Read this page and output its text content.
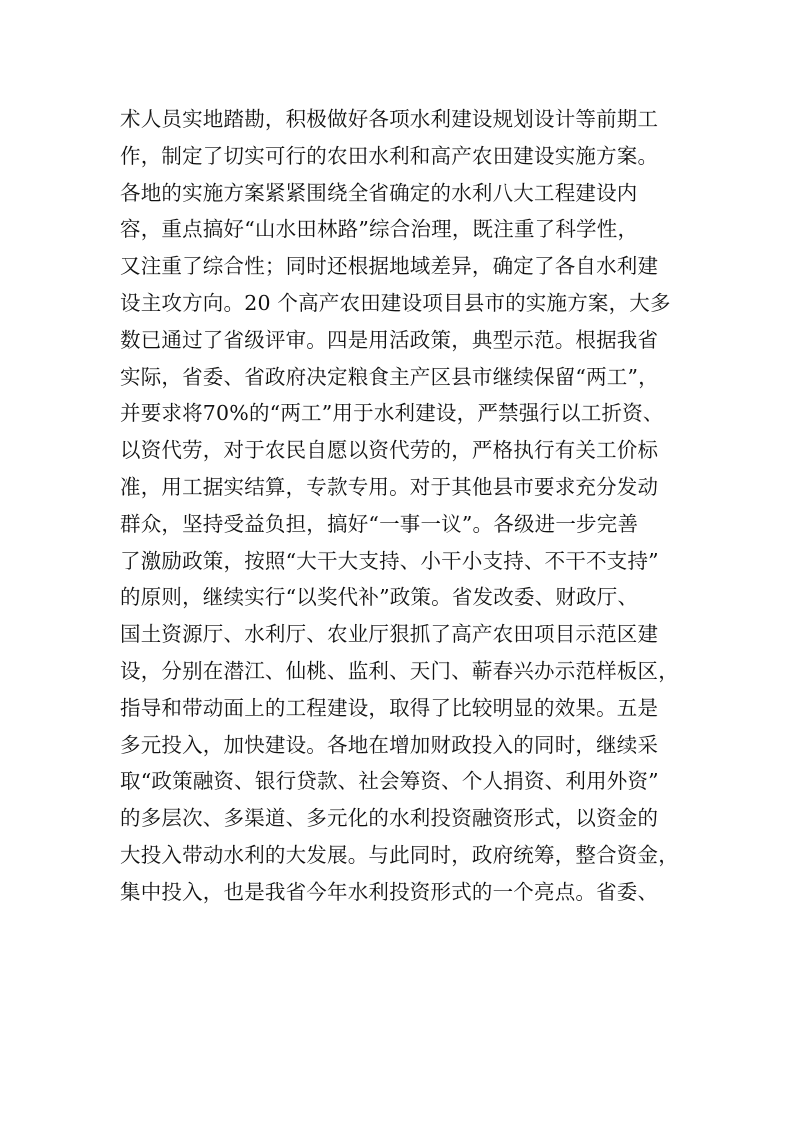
术人员实地踏勘，积极做好各项水利建设规划设计等前期工
作，制定了切实可行的农田水利和高产农田建设实施方案。
各地的实施方案紧紧围绕全省确定的水利八大工程建设内
容，重点搞好“山水田林路”综合治理，既注重了科学性，
又注重了综合性；同时还根据地域差异，确定了各自水利建
设主攻方向。20 个高产农田建设项目县市的实施方案，大多
数已通过了省级评审。四是用活政策，典型示范。根据我省
实际，省委、省政府决定粮食主产区县市继续保留“两工”，
并要求将70%的“两工”用于水利建设，严禁强行以工折资、
以资代劳，对于农民自愿以资代劳的，严格执行有关工价标
准，用工据实结算，专款专用。对于其他县市要求充分发动
群众，坚持受益负担，搞好“一事一议”。各级进一步完善
了激励政策，按照“大干大支持、小干小支持、不干不支持”
的原则，继续实行“以奖代补”政策。省发改委、财政厅、
国土资源厅、水利厅、农业厅狠抓了高产农田项目示范区建
设，分别在潜江、仙桃、监利、天门、蕲春兴办示范样板区，
指导和带动面上的工程建设，取得了比较明显的效果。五是
多元投入，加快建设。各地在增加财政投入的同时，继续采
取“政策融资、银行贷款、社会筹资、个人捐资、利用外资”
的多层次、多渠道、多元化的水利投资融资形式，以资金的
大投入带动水利的大发展。与此同时，政府统筹，整合资金，
集中投入，也是我省今年水利投资形式的一个亮点。省委、
